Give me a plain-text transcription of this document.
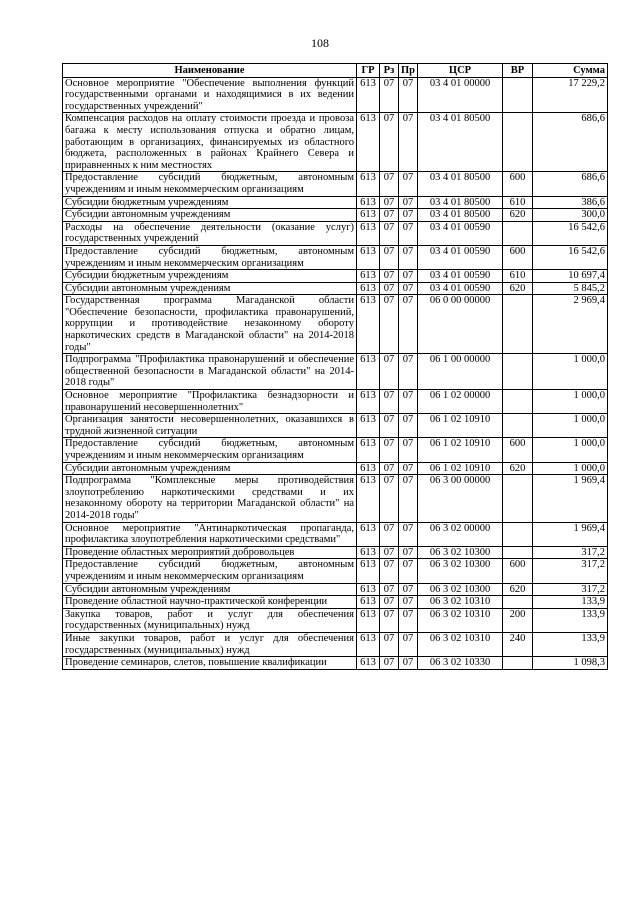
108
Наименование	ГР	Рз	Пр	ЦСР	ВР	Сумма
Основное мероприятие "Обеспечение выполнения функций государственными органами и находящимися в их ведении государственных учреждений"	613	07	07	03 4 01 00000		17 229,2
Компенсация расходов на оплату стоимости проезда и провоза багажа к месту использования отпуска и обратно лицам, работающим в организациях, финансируемых из областного бюджета, расположенных в районах Крайнего Севера и приравненных к ним местностях	613	07	07	03 4 01 80500		686,6
Предоставление субсидий бюджетным, автономным учреждениям и иным некоммерческим организациям	613	07	07	03 4 01 80500	600	686,6
Субсидии бюджетным учреждениям	613	07	07	03 4 01 80500	610	386,6
Субсидии автономным учреждениям	613	07	07	03 4 01 80500	620	300,0
Расходы на обеспечение деятельности (оказание услуг) государственных учреждений	613	07	07	03 4 01 00590		16 542,6
Предоставление субсидий бюджетным, автономным учреждениям и иным некоммерческим организациям	613	07	07	03 4 01 00590	600	16 542,6
Субсидии бюджетным учреждениям	613	07	07	03 4 01 00590	610	10 697,4
Субсидии автономным учреждениям	613	07	07	03 4 01 00590	620	5 845,2
Государственная программа Магаданской области "Обеспечение безопасности, профилактика правонарушений, коррупции и противодействие незаконному обороту наркотических средств в Магаданской области" на 2014-2018 годы"	613	07	07	06 0 00 00000		2 969,4
Подпрограмма "Профилактика правонарушений и обеспечение общественной безопасности в Магаданской области" на 2014-2018 годы"	613	07	07	06 1 00 00000		1 000,0
Основное мероприятие "Профилактика безнадзорности и правонарушений несовершеннолетних"	613	07	07	06 1 02 00000		1 000,0
Организация занятости несовершеннолетних, оказавшихся в трудной жизненной ситуации	613	07	07	06 1 02 10910		1 000,0
Предоставление субсидий бюджетным, автономным учреждениям и иным некоммерческим организациям	613	07	07	06 1 02 10910	600	1 000,0
Субсидии автономным учреждениям	613	07	07	06 1 02 10910	620	1 000,0
Подпрограмма "Комплексные меры противодействия злоупотреблению наркотическими средствами и их незаконному обороту на территории Магаданской области" на 2014-2018 годы"	613	07	07	06 3 00 00000		1 969,4
Основное мероприятие "Антинаркотическая пропаганда, профилактика злоупотребления наркотическими средствами"	613	07	07	06 3 02 00000		1 969,4
Проведение областных мероприятий добровольцев	613	07	07	06 3 02 10300		317,2
Предоставление субсидий бюджетным, автономным учреждениям и иным некоммерческим организациям	613	07	07	06 3 02 10300	600	317,2
Субсидии автономным учреждениям	613	07	07	06 3 02 10300	620	317,2
Проведение областной научно-практической конференции	613	07	07	06 3 02 10310		133,9
Закупка товаров, работ и услуг для обеспечения государственных (муниципальных) нужд	613	07	07	06 3 02 10310	200	133,9
Иные закупки товаров, работ и услуг для обеспечения государственных (муниципальных) нужд	613	07	07	06 3 02 10310	240	133,9
Проведение семинаров, слетов, повышение квалификации	613	07	07	06 3 02 10330		1 098,3
